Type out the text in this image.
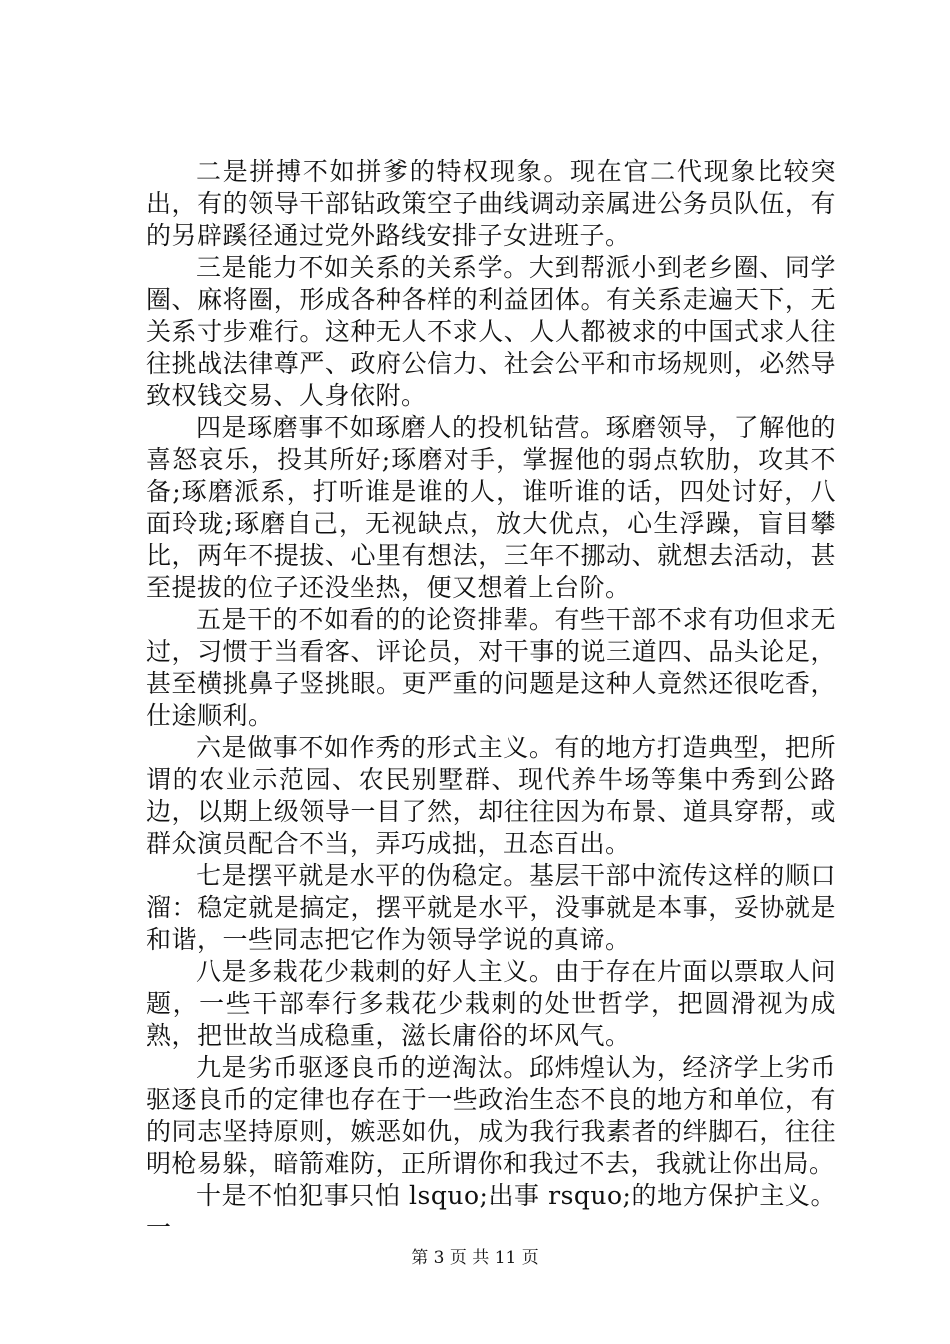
二是拼搏不如拼爹的特权现象。现在官二代现象比较突出，有的领导干部钻政策空子曲线调动亲属进公务员队伍，有的另辟蹊径通过党外路线安排子女进班子。

三是能力不如关系的关系学。大到帮派小到老乡圈、同学圈、麻将圈，形成各种各样的利益团体。有关系走遍天下，无关系寸步难行。这种无人不求人、人人都被求的中国式求人往往挑战法律尊严、政府公信力、社会公平和市场规则，必然导致权钱交易、人身依附。

四是琢磨事不如琢磨人的投机钻营。琢磨领导，了解他的喜怒哀乐，投其所好;琢磨对手，掌握他的弱点软肋，攻其不备;琢磨派系，打听谁是谁的人，谁听谁的话，四处讨好，八面玲珑;琢磨自己，无视缺点，放大优点，心生浮躁，盲目攀比，两年不提拔、心里有想法，三年不挪动、就想去活动，甚至提拔的位子还没坐热，便又想着上台阶。

五是干的不如看的的论资排辈。有些干部不求有功但求无过，习惯于当看客、评论员，对干事的说三道四、品头论足，甚至横挑鼻子竖挑眼。更严重的问题是这种人竟然还很吃香，仕途顺利。

六是做事不如作秀的形式主义。有的地方打造典型，把所谓的农业示范园、农民别墅群、现代养牛场等集中秀到公路边，以期上级领导一目了然，却往往因为布景、道具穿帮，或群众演员配合不当，弄巧成拙，丑态百出。

七是摆平就是水平的伪稳定。基层干部中流传这样的顺口溜：稳定就是搞定，摆平就是水平，没事就是本事，妥协就是和谐，一些同志把它作为领导学说的真谛。

八是多栽花少栽刺的好人主义。由于存在片面以票取人问题，一些干部奉行多栽花少栽刺的处世哲学，把圆滑视为成熟，把世故当成稳重，滋长庸俗的坏风气。

九是劣币驱逐良币的逆淘汰。邱炜煌认为，经济学上劣币驱逐良币的定律也存在于一些政治生态不良的地方和单位，有的同志坚持原则，嫉恶如仇，成为我行我素者的绊脚石，往往明枪易躲，暗箭难防，正所谓你和我过不去，我就让你出局。

十是不怕犯事只怕 lsquo;出事 rsquo;的地方保护主义。一

第 3 页 共 11 页
